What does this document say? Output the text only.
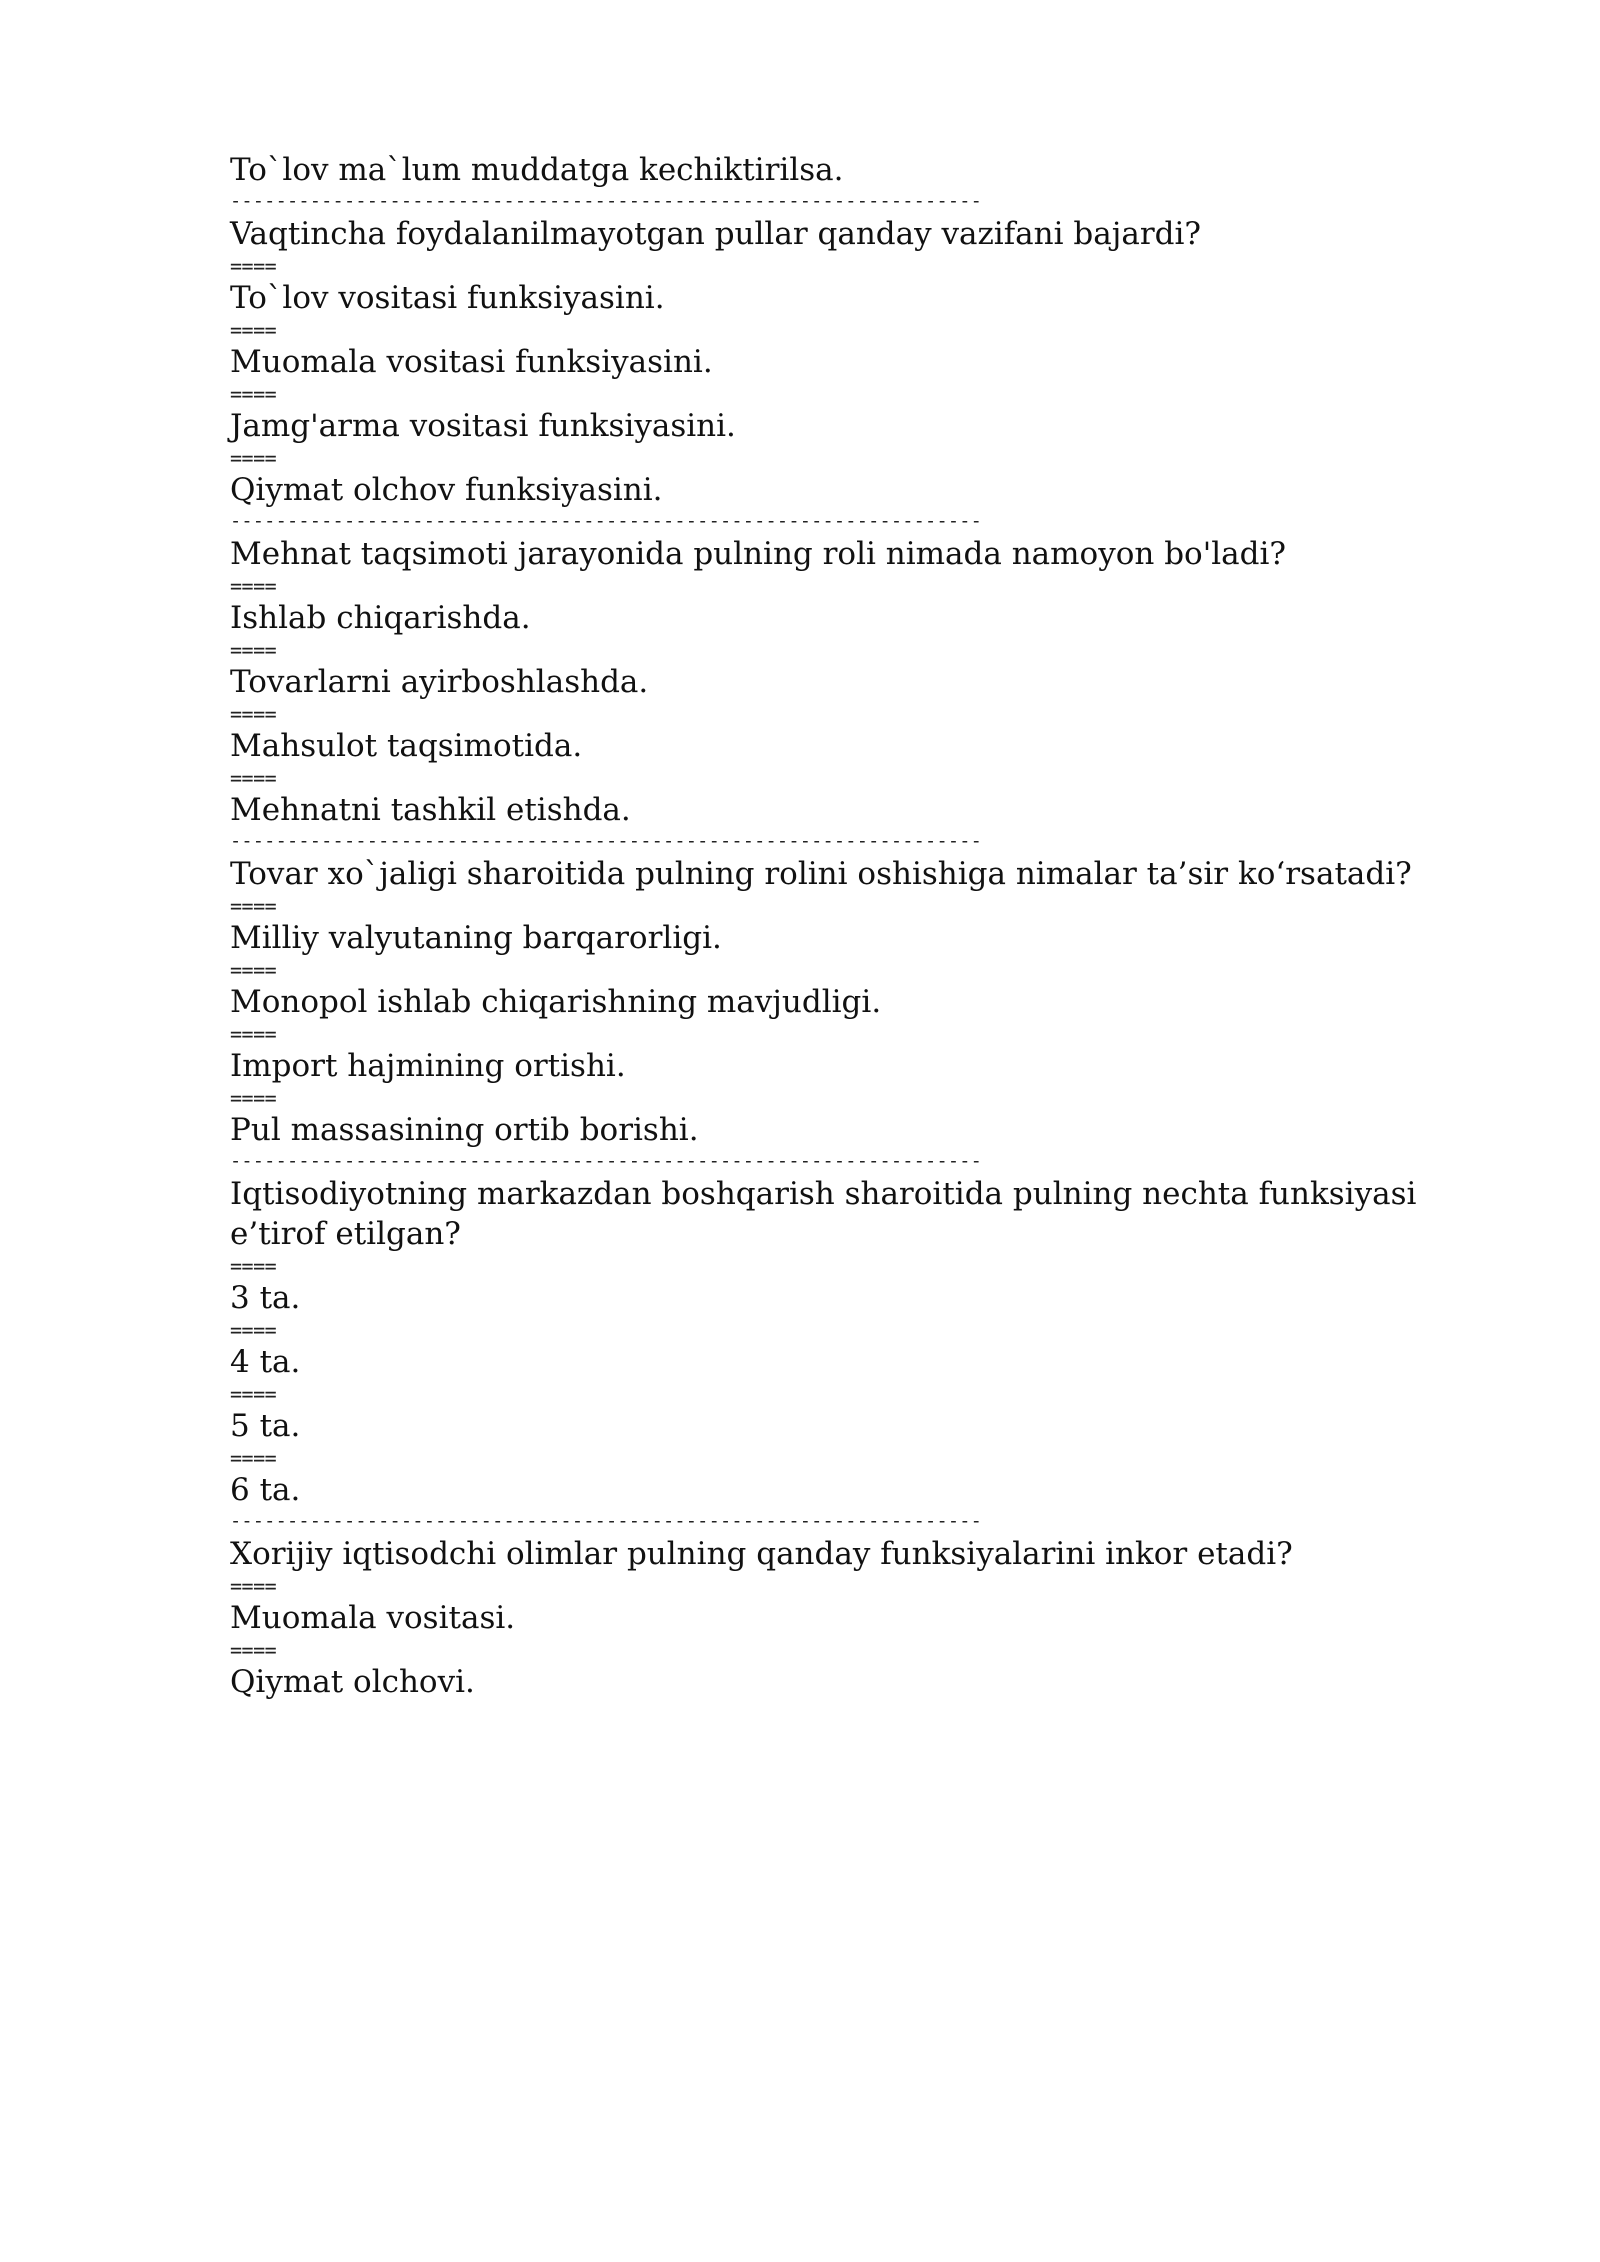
To`lov ma`lum muddatga kechiktirilsa.
------------------------------------------------------------------
Vaqtincha foydalanilmayotgan pullar qanday vazifani bajardi?
====
To`lov vositasi funksiyasini.
====
Muomala vositasi funksiyasini.
====
Jamg'arma vositasi funksiyasini.
====
Qiymat olchov funksiyasini.
------------------------------------------------------------------
Mehnat taqsimoti jarayonida pulning roli nimada namoyon bo'ladi?
====
Ishlab chiqarishda.
====
Tovarlarni ayirboshlashda.
====
Mahsulot taqsimotida.
====
Mehnatni tashkil etishda.
------------------------------------------------------------------
Tovar xo`jaligi sharoitida pulning rolini oshishiga nimalar ta’sir ko‘rsatadi?
====
Milliy valyutaning barqarorligi.
====
Monopol ishlab chiqarishning mavjudligi.
====
Import hajmining ortishi.
====
Pul massasining ortib borishi.
------------------------------------------------------------------
Iqtisodiyotning markazdan boshqarish sharoitida pulning nechta funksiyasi
e’tirof etilgan?
====
3 ta.
====
4 ta.
====
5 ta.
====
6 ta.
------------------------------------------------------------------
Xorijiy iqtisodchi olimlar pulning qanday funksiyalarini inkor etadi?
====
Muomala vositasi.
====
Qiymat olchovi.
